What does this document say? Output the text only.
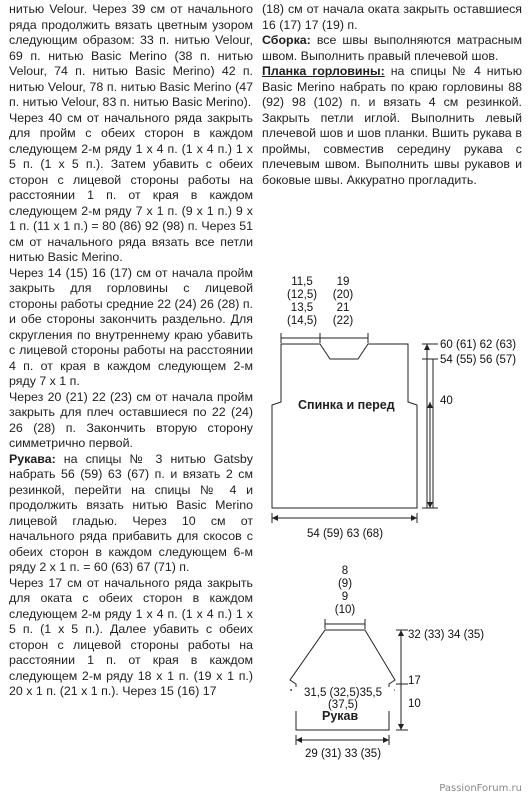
нитью Velour. Через 39 см от начального ряда продолжить вязать цветным узором следующим образом: 33 п. нитью Velour, 69 п. нитью Basic Merino (38 п. нитью Velour, 74 п. нитью Basic Merino) 42 п. нитью Velour, 78 п. нитью Basic Merino (47 п. нитью Velour, 83 п. нитью Basic Merino).
Через 40 см от начального ряда закрыть для пройм с обеих сторон в каждом следующем 2-м ряду 1 х 4 п. (1 х 4 п.) 1 х 5 п. (1 х 5 п.). Затем убавить с обеих сторон с лицевой стороны работы на расстоянии 1 п. от края в каждом следующем 2-м ряду 7 х 1 п. (9 х 1 п.) 9 х 1 п. (11 х 1 п.) = 80 (86) 92 (98) п. Через 51 см от начального ряда вязать все петли нитью Basic Merino.
Через 14 (15) 16 (17) см от начала пройм закрыть для горловины с лицевой стороны работы средние 22 (24) 26 (28) п. и обе стороны закончить раздельно. Для скругления по внутреннему краю убавить с лицевой стороны работы на расстоянии 4 п. от края в каждом следующем 2-м ряду 7 х 1 п.
Через 20 (21) 22 (23) см от начала пройм закрыть для плеч оставшиеся по 22 (24) 26 (28) п. Закончить вторую сторону симметрично первой.
Рукава: на спицы № 3 нитью Gatsby набрать 56 (59) 63 (67) п. и вязать 2 см резинкой, перейти на спицы № 4 и продолжить вязать нитью Basic Merino лицевой гладью. Через 10 см от начального ряда прибавить для скосов с обеих сторон в каждом следующем 6-м ряду 2 х 1 п. = 60 (63) 67 (71) п.
Через 17 см от начального ряда закрыть для оката с обеих сторон в каждом следующем 2-м ряду 1 х 4 п. (1 х 4 п.) 1 х 5 п. (1 х 5 п.). Далее убавить с обеих сторон с лицевой стороны работы на расстоянии 1 п. от края в каждом следующем 2-м ряду 18 х 1 п. (19 х 1 п.) 20 х 1 п. (21 х 1 п.). Через 15 (16) 17
(18) см от начала оката закрыть оставшиеся 16 (17) 17 (19) п.
Сборка: все швы выполняются матрасным швом. Выполнить правый плечевой шов.
Планка горловины: на спицы № 4 нитью Basic Merino набрать по краю горловины 88 (92) 98 (102) п. и вязать 4 см резинкой. Закрыть петли иглой. Выполнить левый плечевой шов и шов планки. Вшить рукава в проймы, совместив середину рукава с плечевым швом. Выполнить швы рукавов и боковые швы. Аккуратно прогладить.
11,5
(12,5)
13,5
(14,5)
19
(20)
21
(22)
60 (61) 62 (63)
54 (55) 56 (57)
40
Спинка и перед
54 (59) 63 (68)
8
(9)
9
(10)
32 (33) 34 (35)
31,5 (32,5)35,5 (37,5)
17
10
Рукав
29 (31) 33 (35)
PassionForum.ru
